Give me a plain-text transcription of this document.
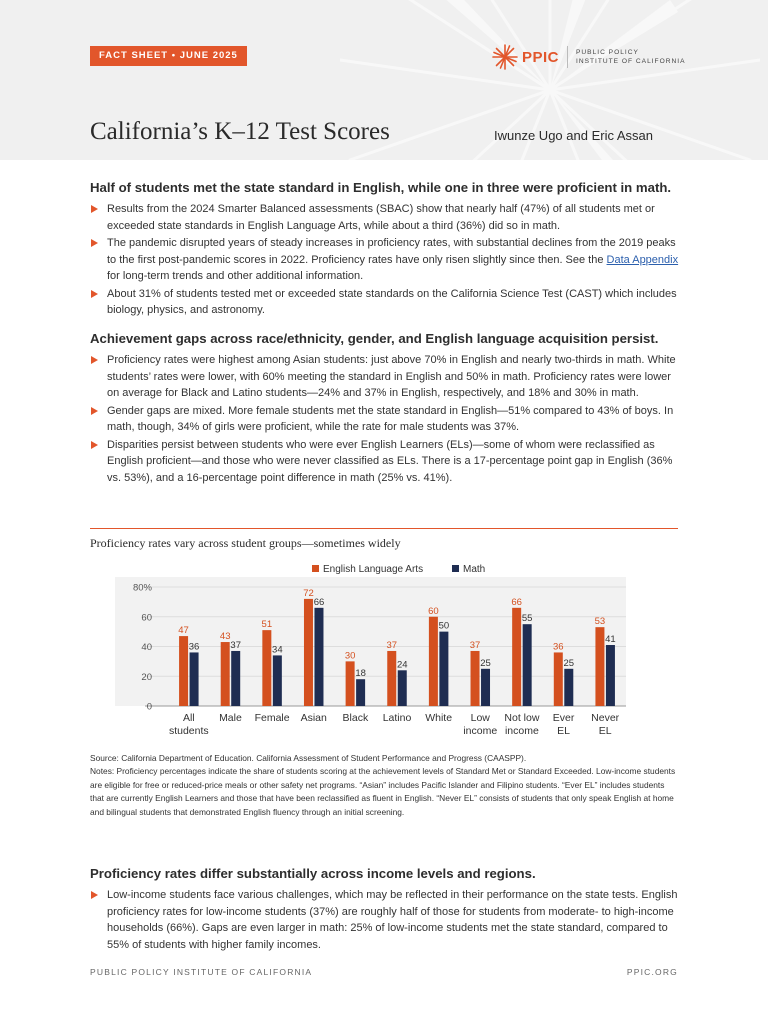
FACT SHEET • JUNE 2025	PPIC	PUBLIC POLICY
INSTITUTE OF CALIFORNIA
California’s K–12 Test Scores	Iwunze Ugo and Eric Assan
Half of students met the state standard in English, while one in three were proficient in math.
Results from the 2024 Smarter Balanced assessments (SBAC) show that nearly half (47%) of all students met or exceeded state standards in English Language Arts, while about a third (36%) did so in math.
The pandemic disrupted years of steady increases in proficiency rates, with substantial declines from the 2019 peaks to the first post-pandemic scores in 2022. Proficiency rates have only risen slightly since then. See the Data Appendix for long-term trends and other additional information.
About 31% of students tested met or exceeded state standards on the California Science Test (CAST) which includes biology, physics, and astronomy.
Achievement gaps across race/ethnicity, gender, and English language acquisition persist.
Proficiency rates were highest among Asian students: just above 70% in English and nearly two-thirds in math. White students’ rates were lower, with 60% meeting the standard in English and 50% in math. Proficiency rates were lower on average for Black and Latino students—24% and 37% in English, respectively, and 18% and 30% in math.
Gender gaps are mixed. More female students met the state standard in English—51% compared to 43% of boys. In math, though, 34% of girls were proficient, while the rate for male students was 37%.
Disparities persist between students who were ever English Learners (ELs)—some of whom were reclassified as English proficient—and those who were never classified as ELs. There is a 17-percentage point gap in English (36% vs. 53%), and a 16-percentage point difference in math (25% vs. 41%).
Proficiency rates vary across student groups—sometimes widely
0
20
40
60
80%
English Language Arts	Math
47
36
All
students
43
37
Male
51
34
Female
72
66
Asian
30
18
Black
37
24
Latino
60
50
White
37
25
Low
income
66
55
Not low
income
36
25
Ever
EL
53
41
Never
EL
Source: California Department of Education. California Assessment of Student Performance and Progress (CAASPP).
Notes: Proficiency percentages indicate the share of students scoring at the achievement levels of Standard Met or Standard Exceeded. Low-income students are eligible for free or reduced-price meals or other safety net programs. “Asian” includes Pacific Islander and Filipino students. “Ever EL” includes students that are currently English Learners and those that have been reclassified as fluent in English. “Never EL” consists of students that only speak English at home and bilingual students that demonstrated English fluency through an initial screening.
Proficiency rates differ substantially across income levels and regions.
Low-income students face various challenges, which may be reflected in their performance on the state tests. English proficiency rates for low-income students (37%) are roughly half of those for students from moderate- to high-income households (66%). Gaps are even larger in math: 25% of low-income students met the state standard, compared to 55% of students with higher family incomes.
PUBLIC POLICY INSTITUTE OF CALIFORNIA	PPIC.ORG
